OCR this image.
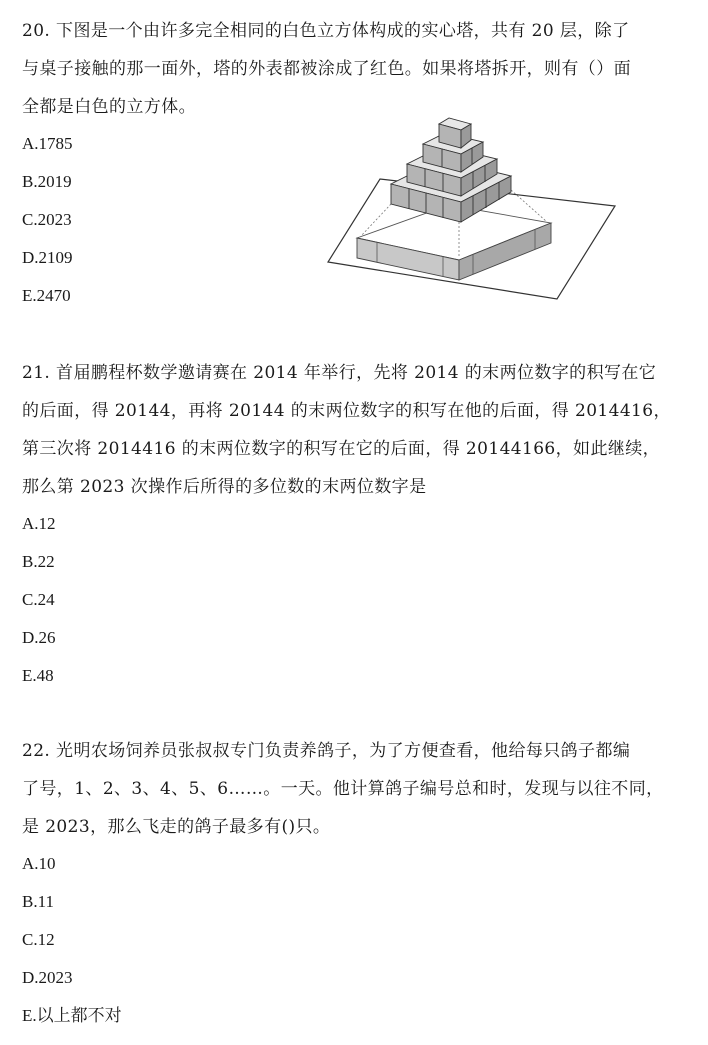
20. 下图是一个由许多完全相同的白色立方体构成的实心塔，共有 20 层，除了
与桌子接触的那一面外，塔的外表都被涂成了红色。如果将塔拆开，则有（）面
全都是白色的立方体。
A.1785
B.2019
C.2023
D.2109
E.2470
21. 首届鹏程杯数学邀请赛在 2014 年举行，先将 2014 的末两位数字的积写在它
的后面，得 20144，再将 20144 的末两位数字的积写在他的后面，得 2014416，
第三次将 2014416 的末两位数字的积写在它的后面，得 20144166，如此继续，
那么第 2023 次操作后所得的多位数的末两位数字是
A.12
B.22
C.24
D.26
E.48
22. 光明农场饲养员张叔叔专门负责养鸽子，为了方便查看，他给每只鸽子都编
了号，1、2、3、4、5、6……。一天。他计算鸽子编号总和时，发现与以往不同，
是 2023，那么飞走的鸽子最多有()只。
A.10
B.11
C.12
D.2023
E.以上都不对
